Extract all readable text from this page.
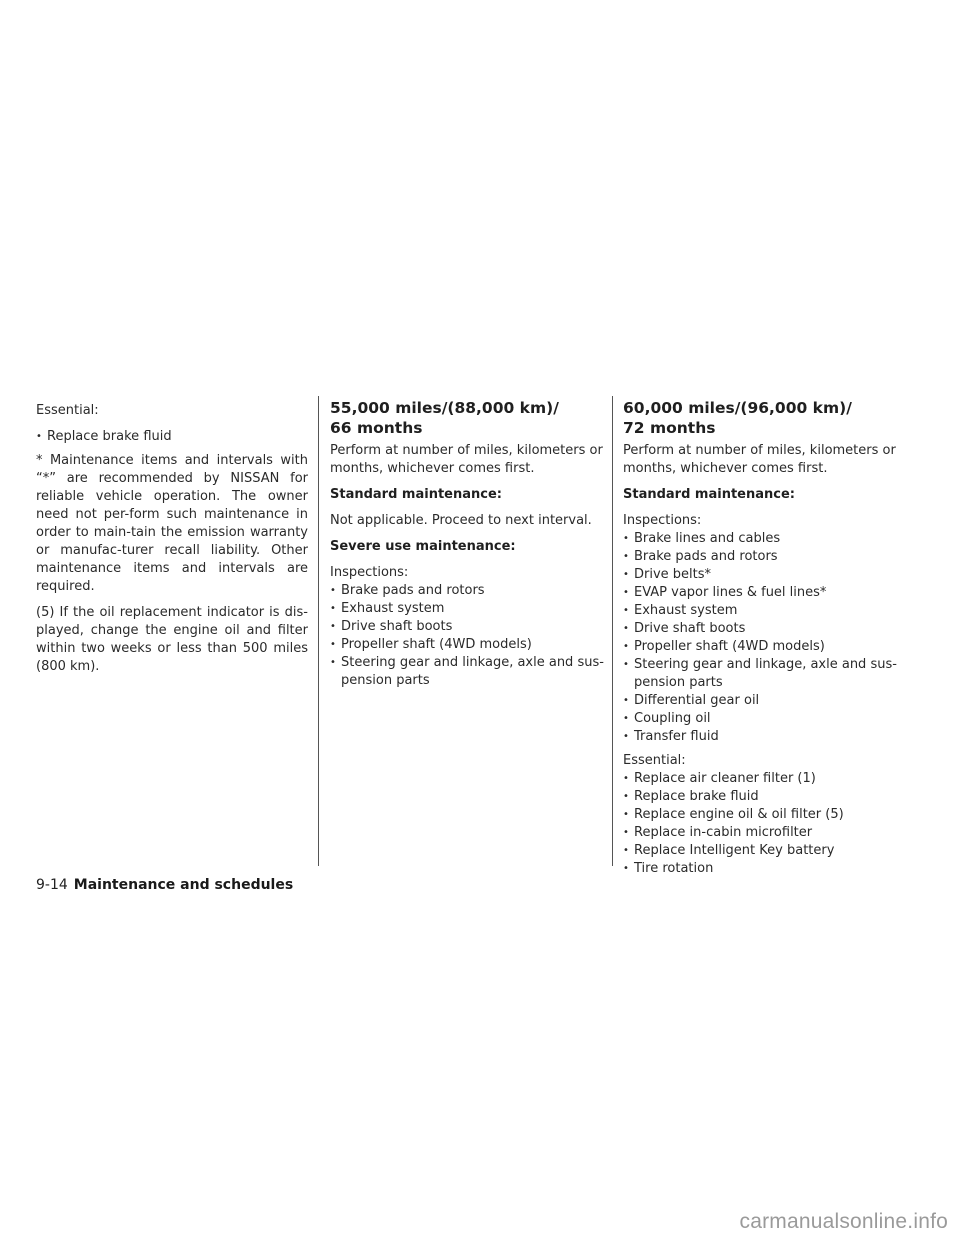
Essential:

• Replace brake fluid

* Maintenance items and intervals with “*” are recommended by NISSAN for reliable vehicle operation. The owner need not per-form such maintenance in order to main-tain the emission warranty or manufac-turer recall liability. Other maintenance items and intervals are required.

(5) If the oil replacement indicator is dis-played, change the engine oil and filter within two weeks or less than 500 miles (800 km).

55,000 miles/(88,000 km)/
66 months

Perform at number of miles, kilometers or months, whichever comes first.

Standard maintenance:

Not applicable. Proceed to next interval.

Severe use maintenance:

Inspections:

• Brake pads and rotors
• Exhaust system
• Drive shaft boots
• Propeller shaft (4WD models)
• Steering gear and linkage, axle and sus-pension parts
60,000 miles/(96,000 km)/
72 months

Perform at number of miles, kilometers or months, whichever comes first.

Standard maintenance:

Inspections:

• Brake lines and cables
• Brake pads and rotors
• Drive belts*
• EVAP vapor lines & fuel lines*
• Exhaust system
• Drive shaft boots
• Propeller shaft (4WD models)
• Steering gear and linkage, axle and sus-pension parts
• Differential gear oil
• Coupling oil
• Transfer fluid

Essential:

• Replace air cleaner filter (1)
• Replace brake fluid
• Replace engine oil & oil filter (5)
• Replace in-cabin microfilter
• Replace Intelligent Key battery
• Tire rotation
9-14 Maintenance and schedules
carmanualsonline.info
